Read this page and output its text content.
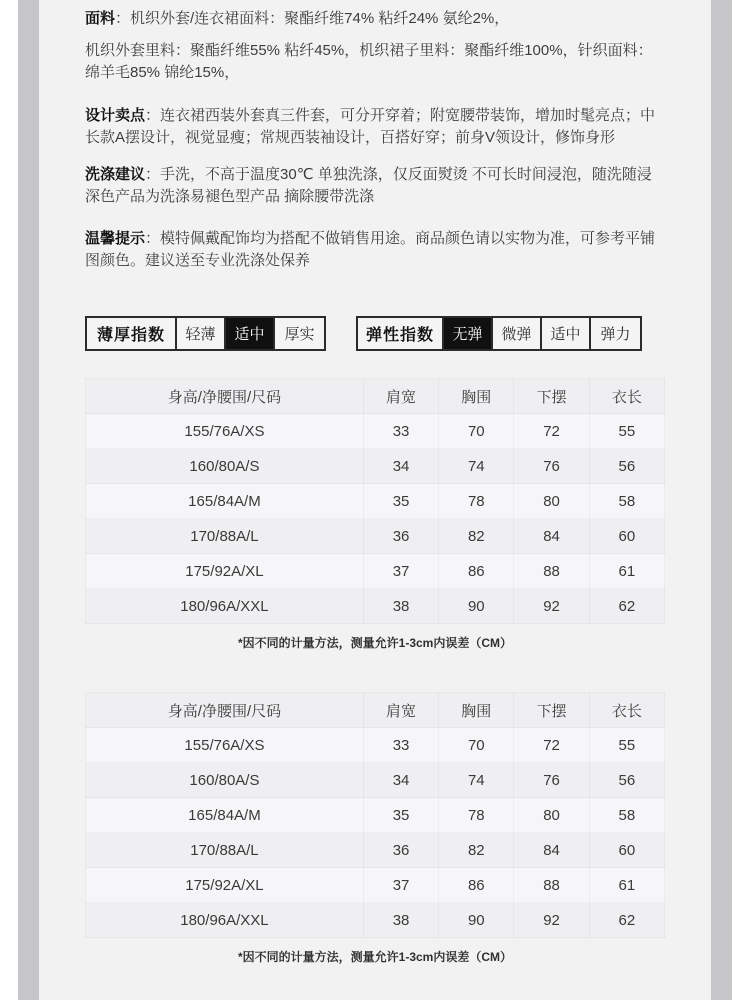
面料：机织外套/连衣裙面料：聚酯纤维74% 粘纤24% 氨纶2%，

机织外套里料：聚酯纤维55% 粘纤45%，机织裙子里料：聚酯纤维100%，针织面料：绵羊毛85% 锦纶15%，

设计卖点：连衣裙西装外套真三件套，可分开穿着；附宽腰带装饰，增加时髦亮点；中长款A摆设计，视觉显瘦；常规西装袖设计，百搭好穿；前身V领设计，修饰身形

洗涤建议：手洗，不高于温度30℃ 单独洗涤，仅反面熨烫 不可长时间浸泡，随洗随浸 深色产品为洗涤易褪色型产品 摘除腰带洗涤

温馨提示：模特佩戴配饰均为搭配不做销售用途。商品颜色请以实物为准，可参考平铺图颜色。建议送至专业洗涤处保养

薄厚指数	轻薄	适中	厚实	弹性指数	无弹	微弹	适中	弹力
身高/净腰围/尺码	肩宽	胸围	下摆	衣长
155/76A/XS	33	70	72	55
160/80A/S	34	74	76	56
165/84A/M	35	78	80	58
170/88A/L	36	82	84	60
175/92A/XL	37	86	88	61
180/96A/XXL	38	90	92	62
*因不同的计量方法，测量允许1-3cm内误差（CM）
身高/净腰围/尺码	肩宽	胸围	下摆	衣长
155/76A/XS	33	70	72	55
160/80A/S	34	74	76	56
165/84A/M	35	78	80	58
170/88A/L	36	82	84	60
175/92A/XL	37	86	88	61
180/96A/XXL	38	90	92	62
*因不同的计量方法，测量允许1-3cm内误差（CM）
